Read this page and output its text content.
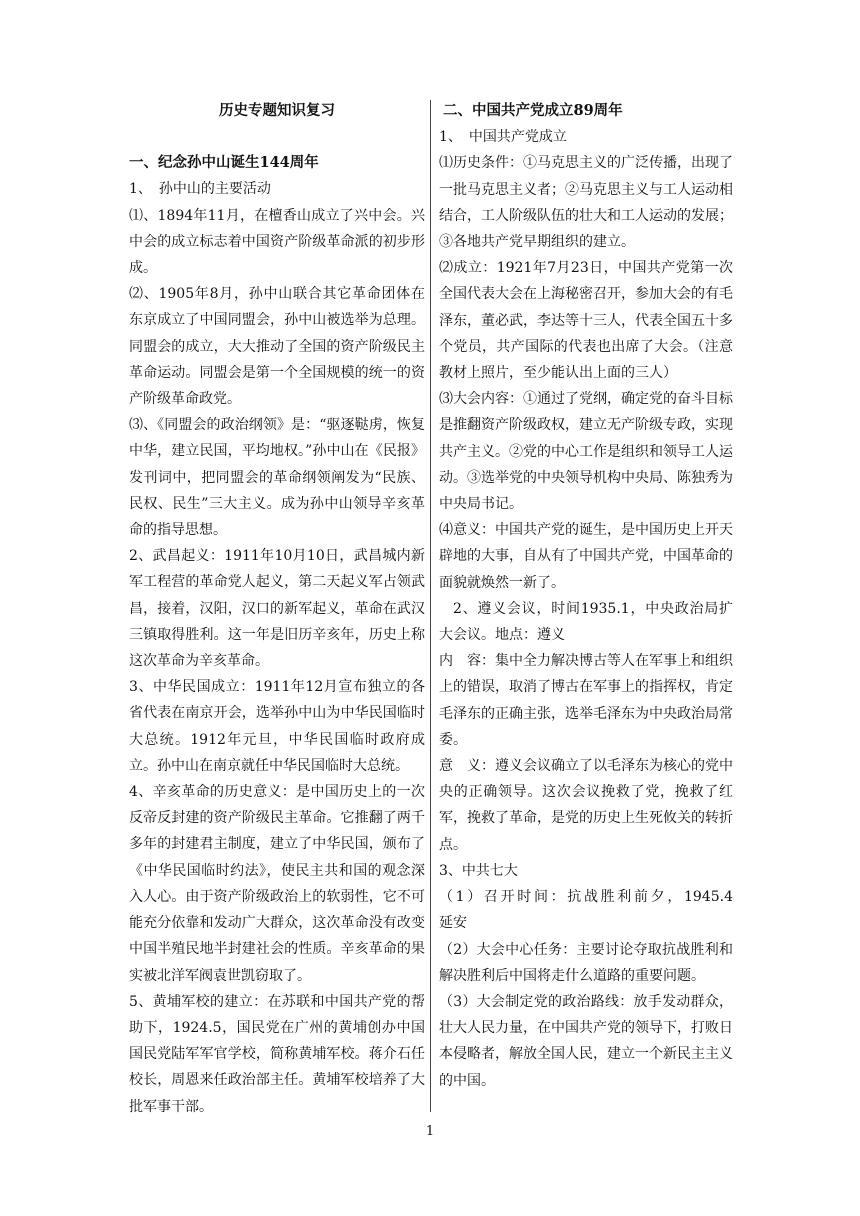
历史专题知识复习
一、纪念孙中山诞生144周年

1、　孙中山的主要活动

⑴、1894年11月，在檀香山成立了兴中会。兴中会的成立标志着中国资产阶级革命派的初步形成。

⑵、1905年8月，孙中山联合其它革命团体在东京成立了中国同盟会，孙中山被选举为总理。同盟会的成立，大大推动了全国的资产阶级民主革命运动。同盟会是第一个全国规模的统一的资产阶级革命政党。

⑶、《同盟会的政治纲领》是：“驱逐鞑虏，恢复中华，建立民国，平均地权。”孙中山在《民报》发刊词中，把同盟会的革命纲领阐发为“民族、民权、民生”三大主义。成为孙中山领导辛亥革命的指导思想。

2、武昌起义：1911年10月10日，武昌城内新军工程营的革命党人起义，第二天起义军占领武昌，接着，汉阳，汉口的新军起义，革命在武汉三镇取得胜利。这一年是旧历辛亥年，历史上称这次革命为辛亥革命。

3、中华民国成立：1911年12月宣布独立的各省代表在南京开会，选举孙中山为中华民国临时大总统。1912年元旦，中华民国临时政府成立。孙中山在南京就任中华民国临时大总统。

4、辛亥革命的历史意义：是中国历史上的一次反帝反封建的资产阶级民主革命。它推翻了两千多年的封建君主制度，建立了中华民国，颁布了《中华民国临时约法》，使民主共和国的观念深入人心。由于资产阶级政治上的软弱性，它不可能充分依靠和发动广大群众，这次革命没有改变中国半殖民地半封建社会的性质。辛亥革命的果实被北洋军阀袁世凯窃取了。

5、黄埔军校的建立：在苏联和中国共产党的帮助下，1924.5，国民党在广州的黄埔创办中国国民党陆军军官学校，简称黄埔军校。蒋介石任校长，周恩来任政治部主任。黄埔军校培养了大批军事干部。

二、中国共产党成立89周年

1、　中国共产党成立

⑴历史条件：①马克思主义的广泛传播，出现了一批马克思主义者；②马克思主义与工人运动相结合，工人阶级队伍的壮大和工人运动的发展；③各地共产党早期组织的建立。

⑵成立：1921年7月23日，中国共产党第一次全国代表大会在上海秘密召开，参加大会的有毛泽东，董必武，李达等十三人，代表全国五十多个党员，共产国际的代表也出席了大会。（注意教材上照片，至少能认出上面的三人）

⑶大会内容：①通过了党纲，确定党的奋斗目标是推翻资产阶级政权，建立无产阶级专政，实现共产主义。②党的中心工作是组织和领导工人运动。③选举党的中央领导机构中央局、陈独秀为中央局书记。

⑷意义：中国共产党的诞生，是中国历史上开天辟地的大事，自从有了中国共产党，中国革命的面貌就焕然一新了。

2、遵义会议，时间1935.1，中央政治局扩大会议。地点：遵义

内　容：集中全力解决博古等人在军事上和组织上的错误，取消了博古在军事上的指挥权，肯定毛泽东的正确主张，选举毛泽东为中央政治局常委。

意　义：遵义会议确立了以毛泽东为核心的党中央的正确领导。这次会议挽救了党，挽救了红军，挽救了革命，是党的历史上生死攸关的转折点。

3、中共七大

（1）召开时间：抗战胜利前夕，1945.4　　延安

（2）大会中心任务：主要讨论夺取抗战胜利和解决胜利后中国将走什么道路的重要问题。

（3）大会制定党的政治路线：放手发动群众，壮大人民力量，在中国共产党的领导下，打败日本侵略者，解放全国人民，建立一个新民主主义的中国。

1
